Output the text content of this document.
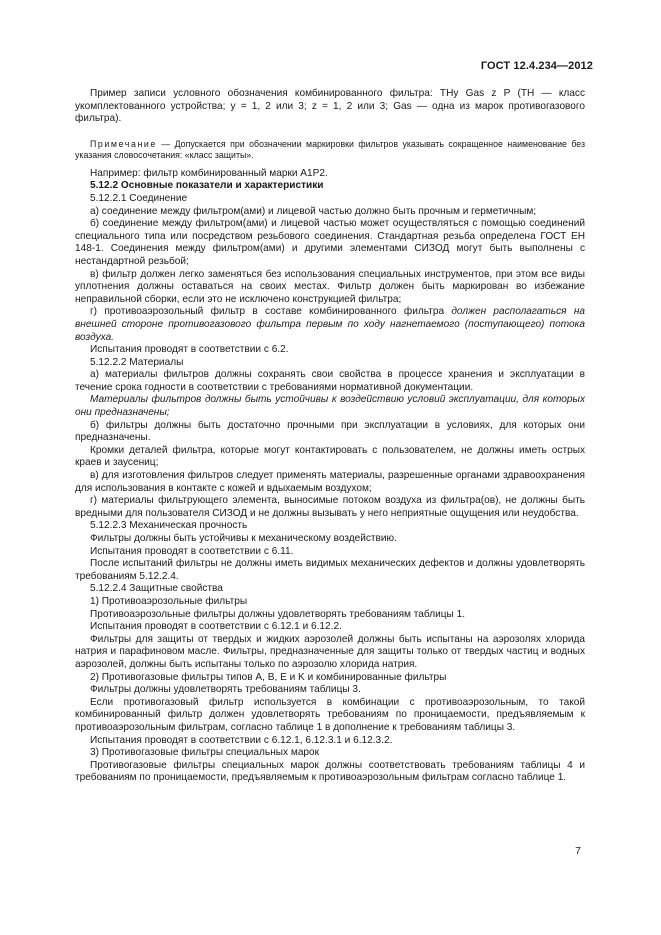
ГОСТ 12.4.234—2012

Пример записи условного обозначения комбинированного фильтра: ТНу Gas z P (ТН — класс укомплектованного устройства; y = 1, 2 или 3; z = 1, 2 или 3; Gas — одна из марок противогазового фильтра).

Примечание — Допускается при обозначении маркировки фильтров указывать сокращенное наименование без указания словосочетания: «класс защиты».

Например: фильтр комбинированный марки A1P2.

5.12.2 Основные показатели и характеристики

5.12.2.1 Соединение

а) соединение между фильтром(ами) и лицевой частью должно быть прочным и герметичным;

б) соединение между фильтром(ами) и лицевой частью может осуществляться с помощью соединений специального типа или посредством резьбового соединения. Стандартная резьба определена ГОСТ ЕН 148-1. Соединения между фильтром(ами) и другими элементами СИЗОД могут быть выполнены с нестандартной резьбой;

в) фильтр должен легко заменяться без использования специальных инструментов, при этом все виды уплотнения должны оставаться на своих местах. Фильтр должен быть маркирован во избежание неправильной сборки, если это не исключено конструкцией фильтра;

г) противоаэрозольный фильтр в составе комбинированного фильтра должен располагаться на внешней стороне противогазового фильтра первым по ходу нагнетаемого (поступающего) потока воздуха.

Испытания проводят в соответствии с 6.2.

5.12.2.2 Материалы

а) материалы фильтров должны сохранять свои свойства в процессе хранения и эксплуатации в течение срока годности в соответствии с требованиями нормативной документации.

Материалы фильтров должны быть устойчивы к воздействию условий эксплуатации, для которых они предназначены;

б) фильтры должны быть достаточно прочными при эксплуатации в условиях, для которых они предназначены.

Кромки деталей фильтра, которые могут контактировать с пользователем, не должны иметь острых краев и заусениц;

в) для изготовления фильтров следует применять материалы, разрешенные органами здравоохранения для использования в контакте с кожей и вдыхаемым воздухом;

г) материалы фильтрующего элемента, выносимые потоком воздуха из фильтра(ов), не должны быть вредными для пользователя СИЗОД и не должны вызывать у него неприятные ощущения или неудобства.

5.12.2.3 Механическая прочность

Фильтры должны быть устойчивы к механическому воздействию.

Испытания проводят в соответствии с 6.11.

После испытаний фильтры не должны иметь видимых механических дефектов и должны удовлетворять требованиям 5.12.2.4.

5.12.2.4 Защитные свойства

1) Противоаэрозольные фильтры

Противоаэрозольные фильтры должны удовлетворять требованиям таблицы 1.

Испытания проводят в соответствии с 6.12.1 и 6.12.2.

Фильтры для защиты от твердых и жидких аэрозолей должны быть испытаны на аэрозолях хлорида натрия и парафиновом масле. Фильтры, предназначенные для защиты только от твердых частиц и водных аэрозолей, должны быть испытаны только по аэрозолю хлорида натрия.

2) Противогазовые фильтры типов A, B, E и K и комбинированные фильтры

Фильтры должны удовлетворять требованиям таблицы 3.

Если противогазовый фильтр используется в комбинации с противоаэрозольным, то такой комбинированный фильтр должен удовлетворять требованиям по проницаемости, предъявляемым к противоаэрозольным фильтрам, согласно таблице 1 в дополнение к требованиям таблицы 3.

Испытания проводят в соответствии с 6.12.1, 6.12.3.1 и 6.12.3.2.

3) Противогазовые фильтры специальных марок

Противогазовые фильтры специальных марок должны соответствовать требованиям таблицы 4 и требованиям по проницаемости, предъявляемым к противоаэрозольным фильтрам согласно таблице 1.

7
